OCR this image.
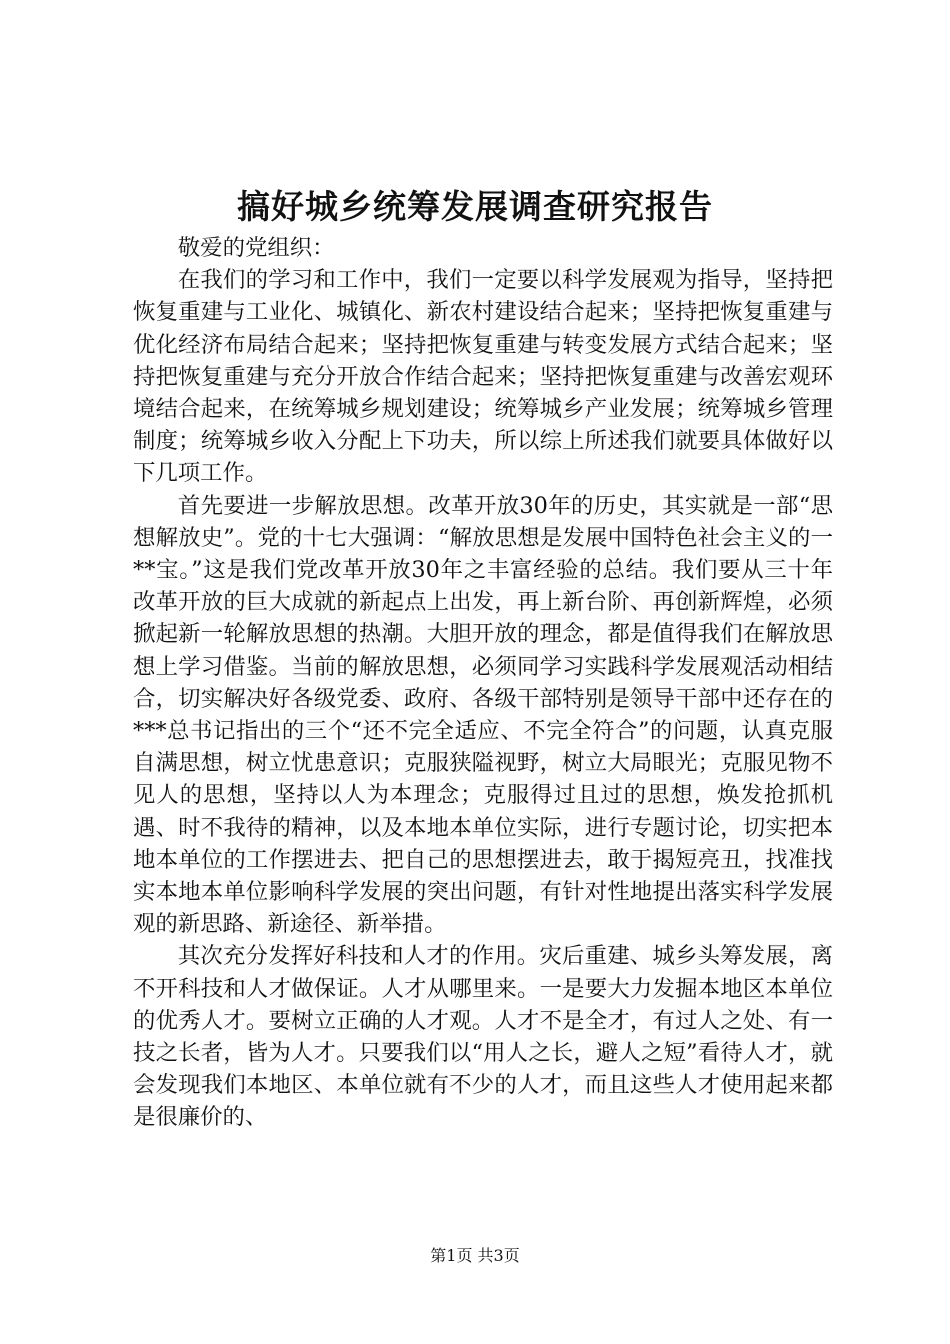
搞好城乡统筹发展调查研究报告

敬爱的党组织：

在我们的学习和工作中，我们一定要以科学发展观为指导，坚持把恢复重建与工业化、城镇化、新农村建设结合起来；坚持把恢复重建与优化经济布局结合起来；坚持把恢复重建与转变发展方式结合起来；坚持把恢复重建与充分开放合作结合起来；坚持把恢复重建与改善宏观环境结合起来，在统筹城乡规划建设；统筹城乡产业发展；统筹城乡管理制度；统筹城乡收入分配上下功夫，所以综上所述我们就要具体做好以下几项工作。

首先要进一步解放思想。改革开放30年的历史，其实就是一部“思想解放史”。党的十七大强调：“解放思想是发展中国特色社会主义的一**宝。”这是我们党改革开放30年之丰富经验的总结。我们要从三十年改革开放的巨大成就的新起点上出发，再上新台阶、再创新辉煌，必须掀起新一轮解放思想的热潮。大胆开放的理念，都是值得我们在解放思想上学习借鉴。当前的解放思想，必须同学习实践科学发展观活动相结合，切实解决好各级党委、政府、各级干部特别是领导干部中还存在的***总书记指出的三个“还不完全适应、不完全符合”的问题，认真克服自满思想，树立忧患意识；克服狭隘视野，树立大局眼光；克服见物不见人的思想，坚持以人为本理念；克服得过且过的思想，焕发抢抓机遇、时不我待的精神，以及本地本单位实际，进行专题讨论，切实把本地本单位的工作摆进去、把自己的思想摆进去，敢于揭短亮丑，找准找实本地本单位影响科学发展的突出问题，有针对性地提出落实科学发展观的新思路、新途径、新举措。

其次充分发挥好科技和人才的作用。灾后重建、城乡头筹发展，离不开科技和人才做保证。人才从哪里来。一是要大力发掘本地区本单位的优秀人才。要树立正确的人才观。人才不是全才，有过人之处、有一技之长者，皆为人才。只要我们以“用人之长，避人之短”看待人才，就会发现我们本地区、本单位就有不少的人才，而且这些人才使用起来都是很廉价的、

第1页 共3页
